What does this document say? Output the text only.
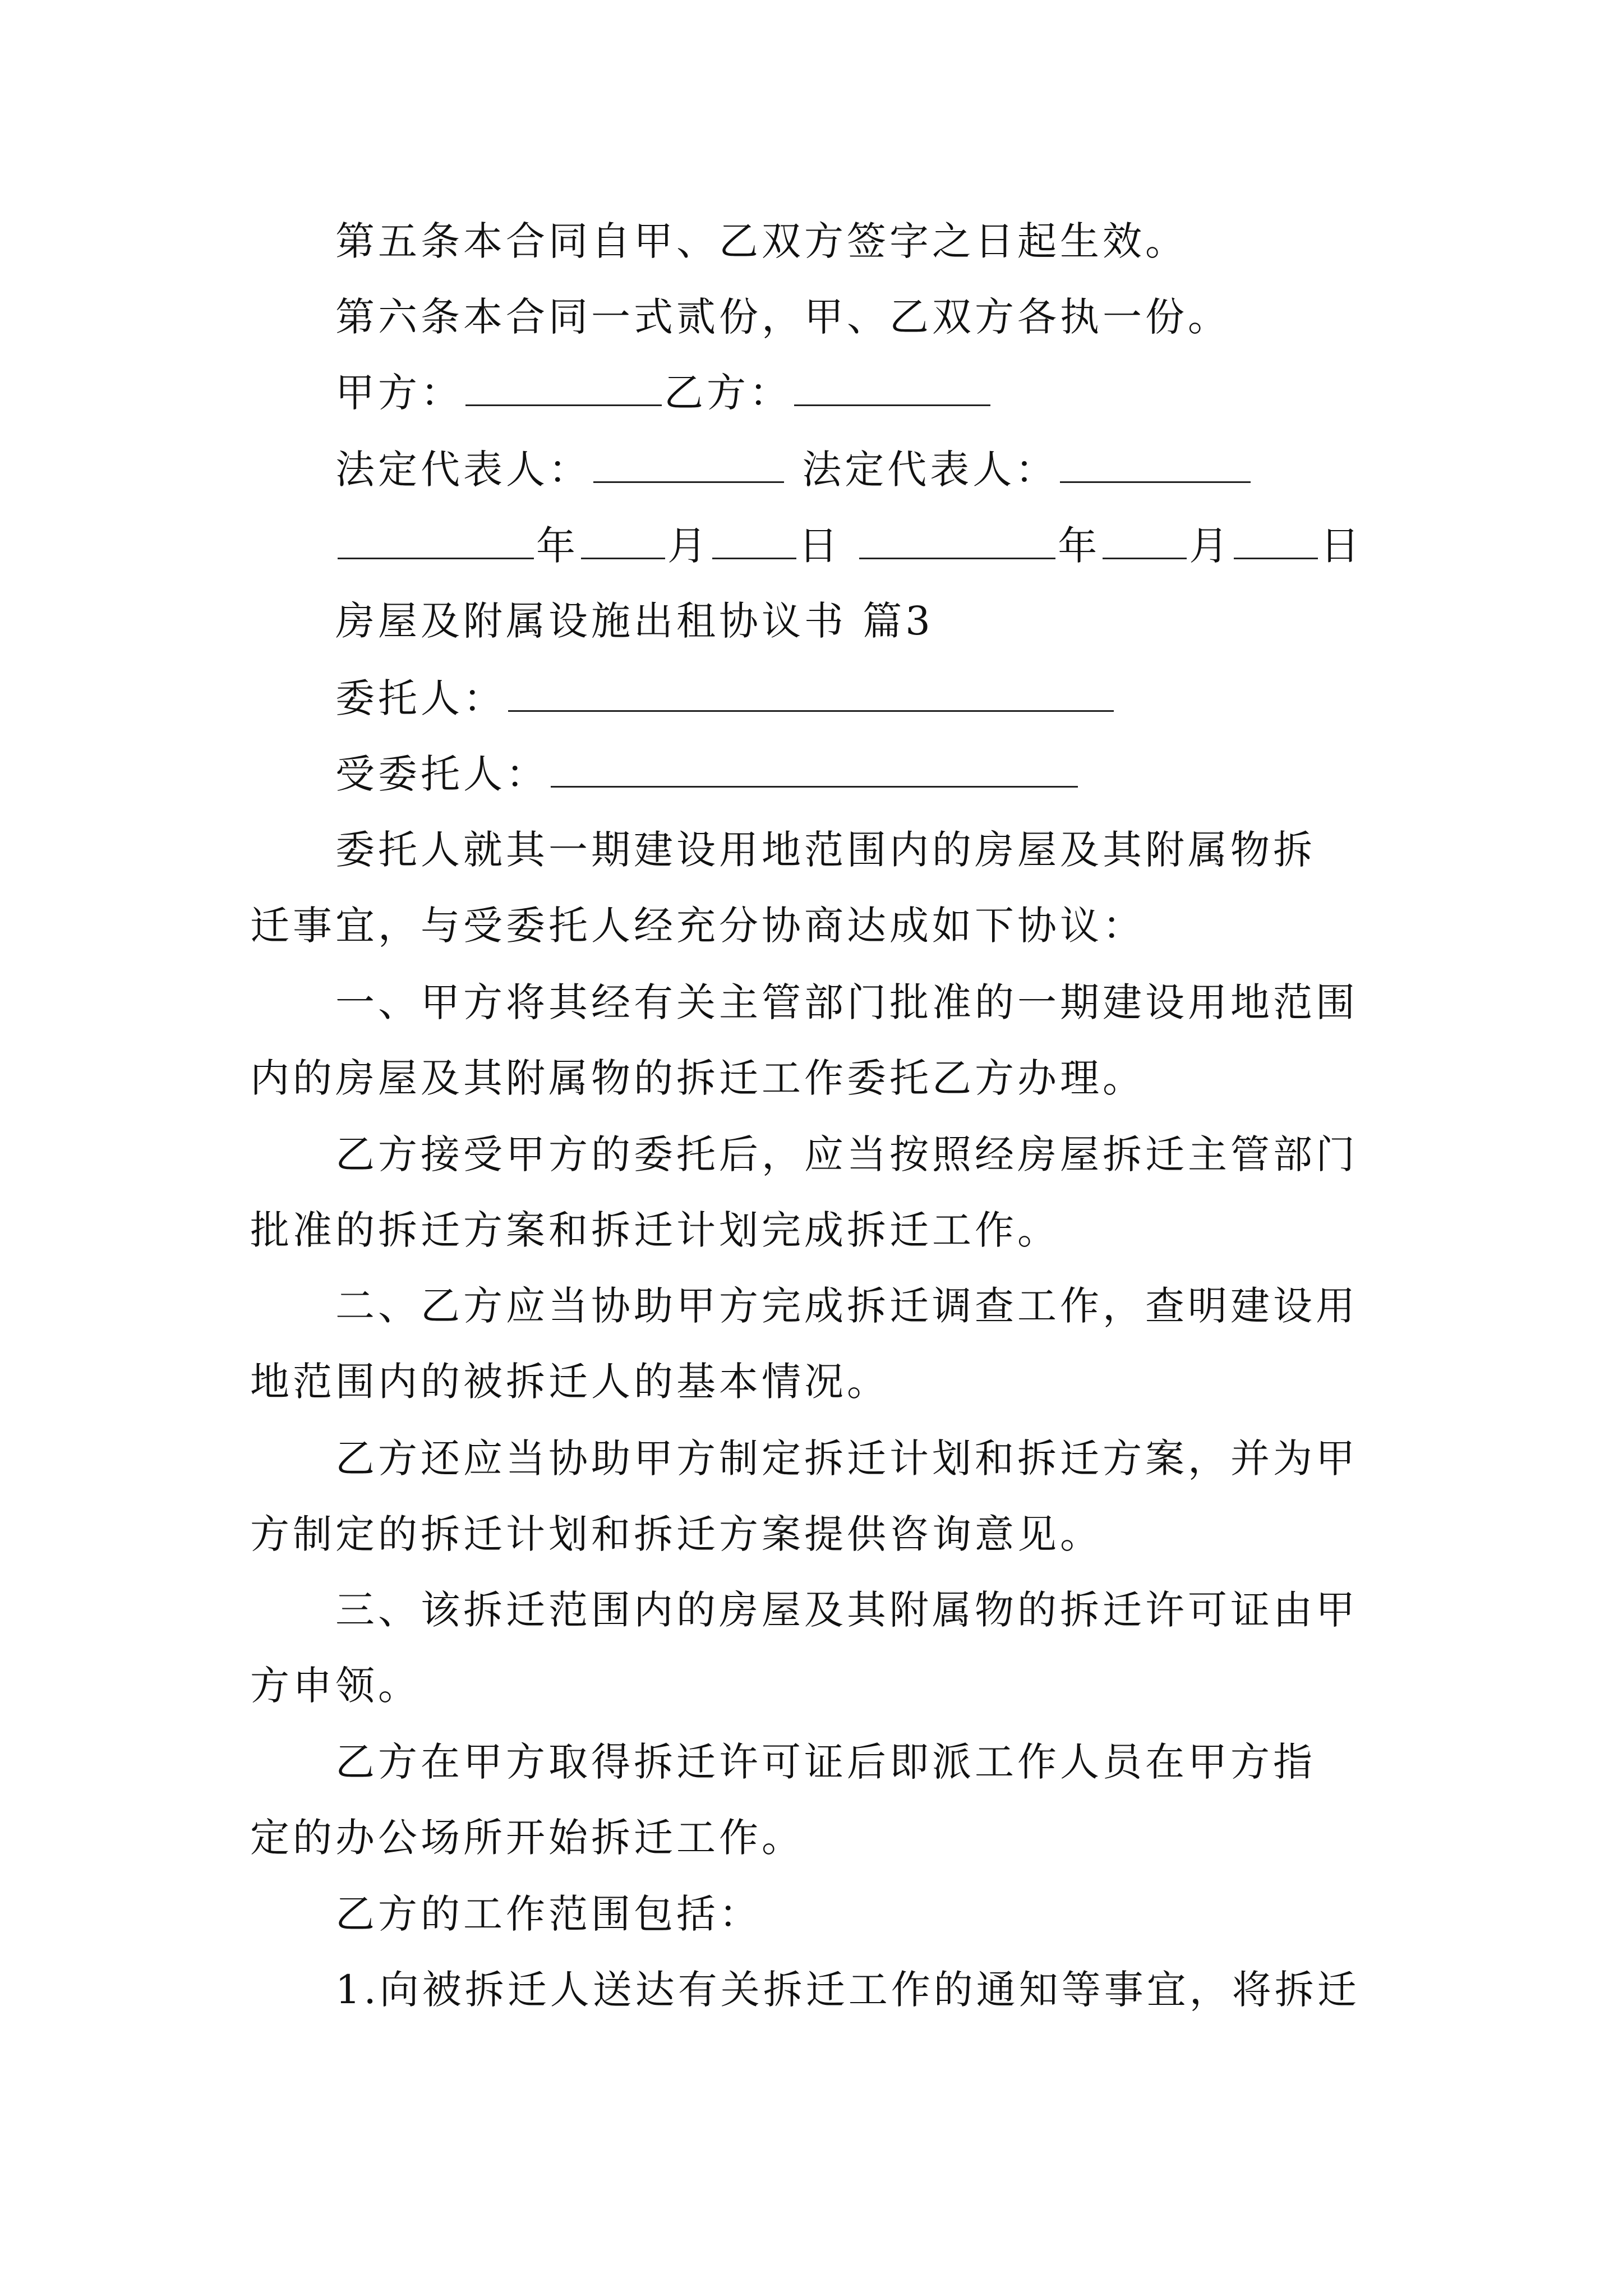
第五条本合同自甲、乙双方签字之日起生效。
第六条本合同一式贰份，甲、乙双方各执一份。
甲方：	乙方：
法定代表人：	法定代表人：
年 月 日	年 月 日
房屋及附属设施出租协议书 篇3
委托人：
受委托人：
委托人就其一期建设用地范围内的房屋及其附属物拆
迁事宜，与受委托人经充分协商达成如下协议：
一、甲方将其经有关主管部门批准的一期建设用地范围
内的房屋及其附属物的拆迁工作委托乙方办理。
乙方接受甲方的委托后，应当按照经房屋拆迁主管部门
批准的拆迁方案和拆迁计划完成拆迁工作。
二、乙方应当协助甲方完成拆迁调查工作，查明建设用
地范围内的被拆迁人的基本情况。
乙方还应当协助甲方制定拆迁计划和拆迁方案，并为甲
方制定的拆迁计划和拆迁方案提供咨询意见。
三、该拆迁范围内的房屋及其附属物的拆迁许可证由甲
方申领。
乙方在甲方取得拆迁许可证后即派工作人员在甲方指
定的办公场所开始拆迁工作。
乙方的工作范围包括：
1.向被拆迁人送达有关拆迁工作的通知等事宜，将拆迁
